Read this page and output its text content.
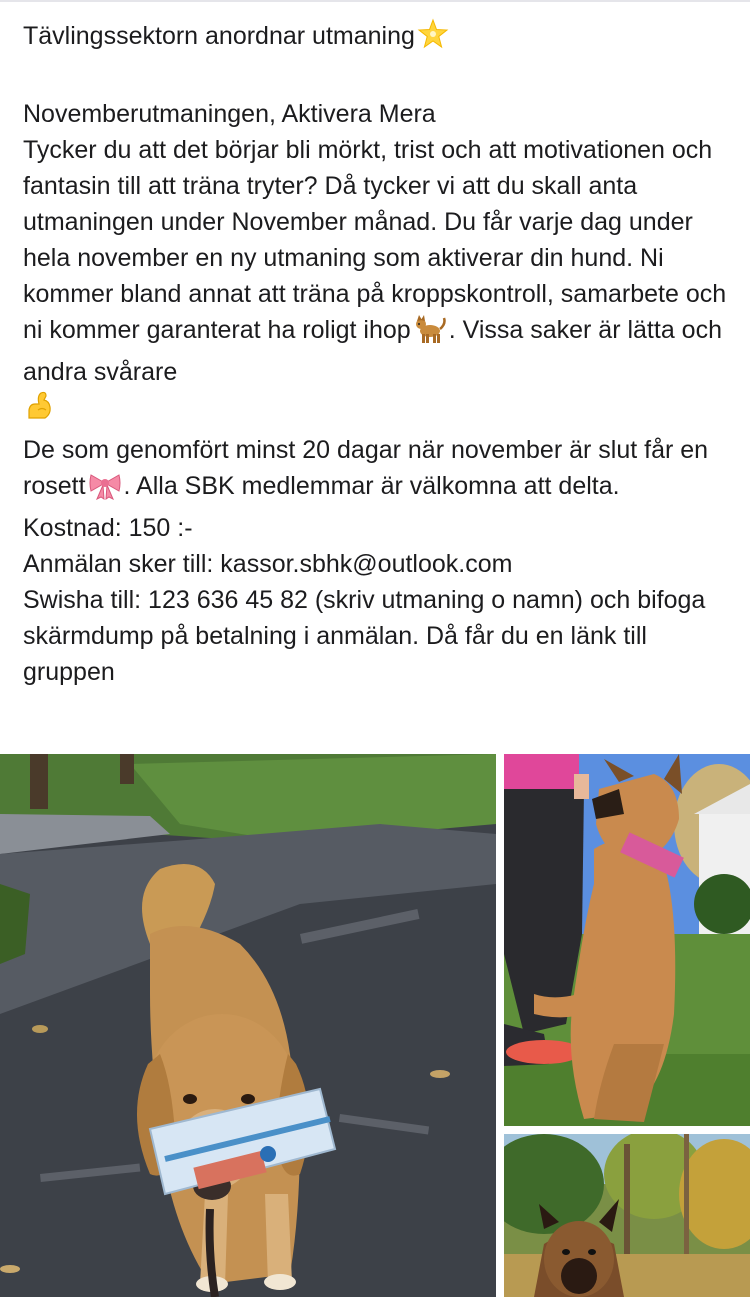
Tävlingssektorn anordnar utmaning

Novemberutmaningen, Aktivera Mera

Tycker du att det börjar bli mörkt, trist och att motivationen och fantasin till att träna tryter? Då tycker vi att du skall anta utmaningen under November månad. Du får varje dag under hela november en ny utmaning som aktiverar din hund. Ni kommer bland annat att träna på kroppskontroll, samarbete och ni kommer garanterat ha roligt ihop . Vissa saker är lätta och andra svårare

De som genomfört minst 20 dagar när november är slut får en rosett . Alla SBK medlemmar är välkomna att delta.

Kostnad: 150 :-

Anmälan sker till: kassor.sbhk@outlook.com

Swisha till: 123 636 45 82 (skriv utmaning o namn) och bifoga skärmdump på betalning i anmälan. Då får du en länk till gruppen
